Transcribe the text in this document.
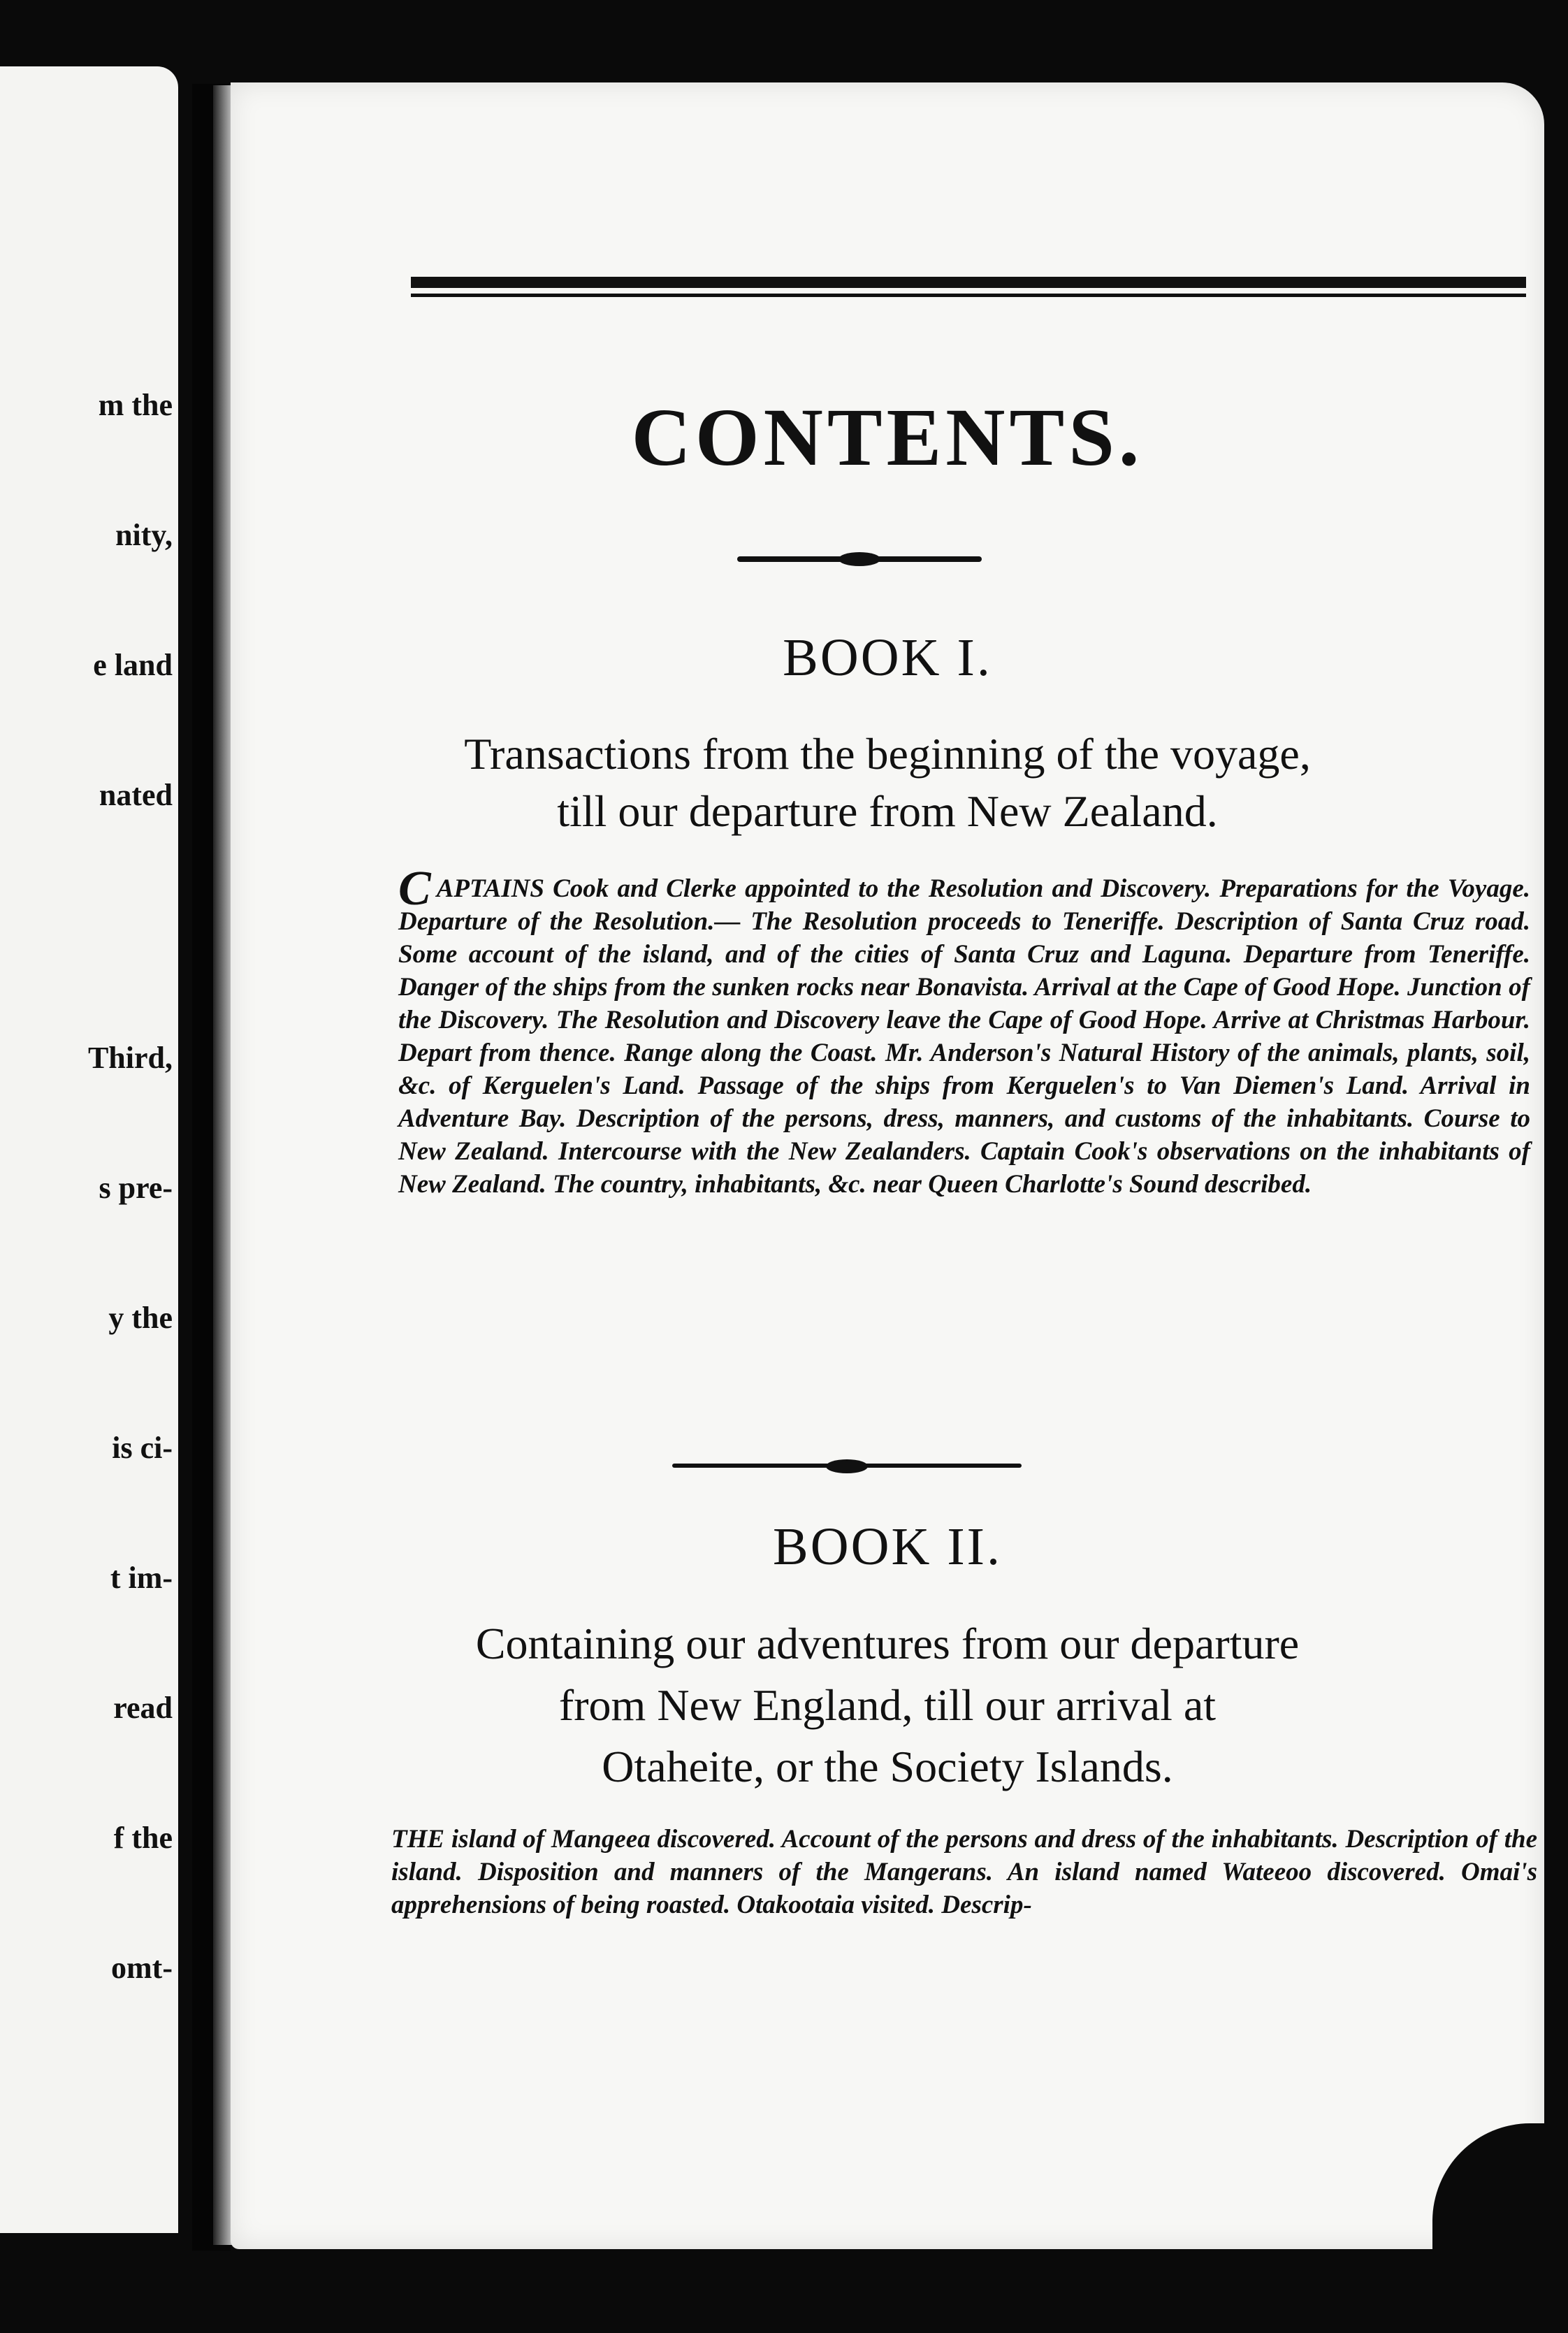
m the

nity,

e land

nated

Third,

s pre-

y the

is ci-

t im-

read

f the

omt-

CONTENTS.
BOOK I.
Transactions from the beginning of the voyage,
till our departure from New Zealand.
CAPTAINS Cook and Clerke appointed to the Resolution and Discovery. Preparations for the Voyage. Departure of the Resolution.— The Resolution proceeds to Teneriffe. Description of Santa Cruz road. Some account of the island, and of the cities of Santa Cruz and Laguna. Departure from Teneriffe. Danger of the ships from the sunken rocks near Bonavista. Arrival at the Cape of Good Hope. Junction of the Discovery. The Resolution and Discovery leave the Cape of Good Hope. Arrive at Christmas Harbour. Depart from thence. Range along the Coast. Mr. Anderson's Natural History of the animals, plants, soil, &c. of Kerguelen's Land. Passage of the ships from Kerguelen's to Van Diemen's Land. Arrival in Adventure Bay. Description of the persons, dress, manners, and customs of the inhabitants. Course to New Zealand. Intercourse with the New Zealanders. Captain Cook's observations on the inhabitants of New Zealand. The country, inhabitants, &c. near Queen Charlotte's Sound described.
BOOK II.
Containing our adventures from our departure
from New England, till our arrival at
Otaheite, or the Society Islands.
THE island of Mangeea discovered. Account of the persons and dress of the inhabitants. Description of the island. Disposition and manners of the Mangerans. An island named Wateeoo discovered. Omai's apprehensions of being roasted. Otakootaia visited. Descrip-
